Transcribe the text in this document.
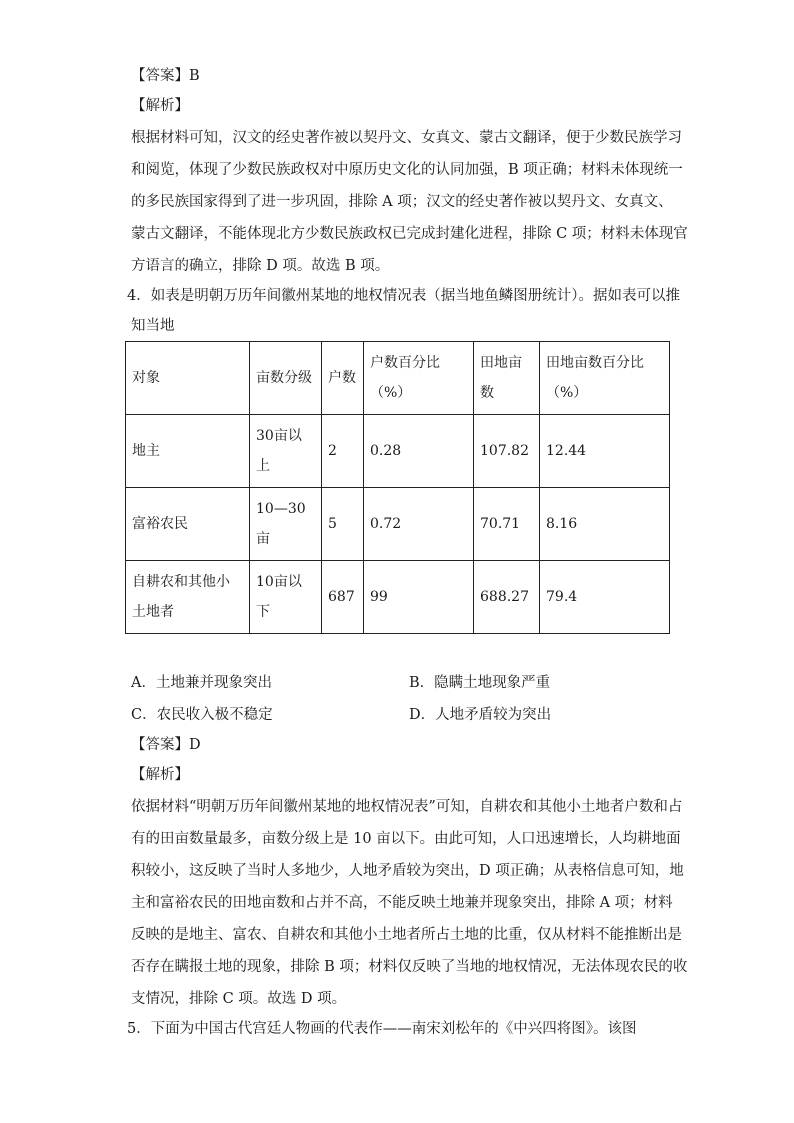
【答案】B
【解析】
根据材料可知，汉文的经史著作被以契丹文、女真文、蒙古文翻译，便于少数民族学习
和阅览，体现了少数民族政权对中原历史文化的认同加强，B 项正确；材料未体现统一
的多民族国家得到了进一步巩固，排除 A 项；汉文的经史著作被以契丹文、女真文、
蒙古文翻译，不能体现北方少数民族政权已完成封建化进程，排除 C 项；材料未体现官
方语言的确立，排除 D 项。故选 B 项。
4．如表是明朝万历年间徽州某地的地权情况表（据当地鱼鳞图册统计）。据如表可以推
知当地
对象	亩数分级	户数	户数百分比（%）	田地亩数	田地亩数百分比（%）
地主	30亩以上	2	0.28	107.82	12.44
富裕农民	10—30亩	5	0.72	70.71	8.16
自耕农和其他小土地者	10亩以下	687	99	688.27	79.4
A．土地兼并现象突出	B．隐瞒土地现象严重
C．农民收入极不稳定	D．人地矛盾较为突出
【答案】D
【解析】
依据材料“明朝万历年间徽州某地的地权情况表”可知，自耕农和其他小土地者户数和占
有的田亩数量最多，亩数分级上是 10 亩以下。由此可知，人口迅速增长，人均耕地面
积较小，这反映了当时人多地少，人地矛盾较为突出，D 项正确；从表格信息可知，地
主和富裕农民的田地亩数和占并不高，不能反映土地兼并现象突出，排除 A 项；材料
反映的是地主、富农、自耕农和其他小土地者所占土地的比重，仅从材料不能推断出是
否存在瞒报土地的现象，排除 B 项；材料仅反映了当地的地权情况，无法体现农民的收
支情况，排除 C 项。故选 D 项。
5．下面为中国古代宫廷人物画的代表作——南宋刘松年的《中兴四将图》。该图
